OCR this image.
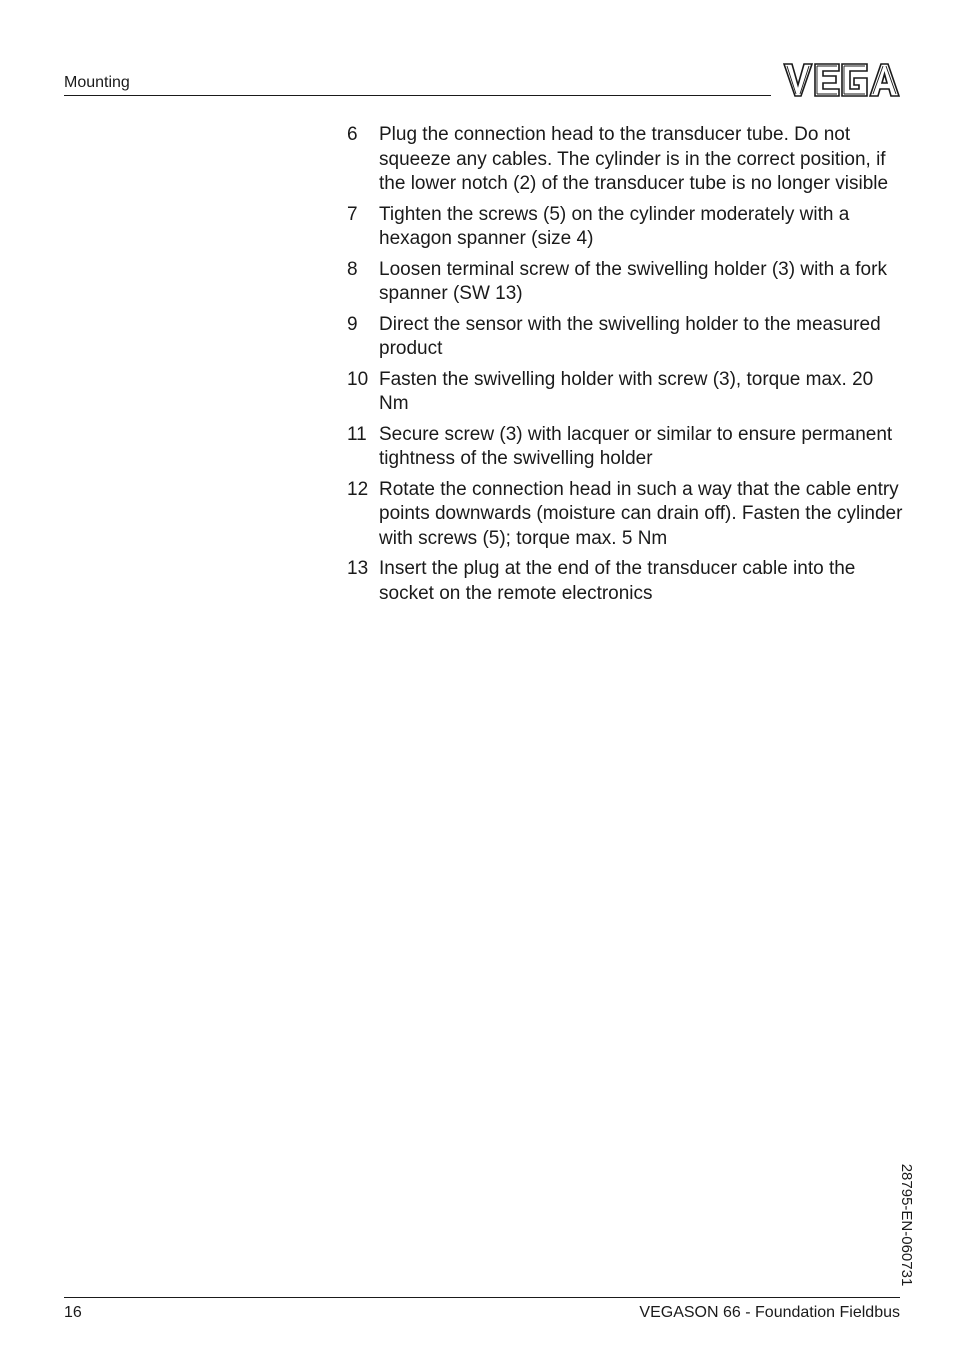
Mounting
6	Plug the connection head to the transducer tube. Do not squeeze any cables. The cylinder is in the correct position, if the lower notch (2) of the transducer tube is no longer visible
7	Tighten the screws (5) on the cylinder moderately with a hexagon spanner (size 4)
8	Loosen terminal screw of the swivelling holder (3) with a fork spanner (SW 13)
9	Direct the sensor with the swivelling holder to the measured product
10 Fasten the swivelling holder with screw (3), torque max. 20 Nm
11 Secure screw (3) with lacquer or similar to ensure permanent tightness of the swivelling holder
12 Rotate the connection head in such a way that the cable entry points downwards (moisture can drain off). Fasten the cylinder with screws (5); torque max. 5 Nm
13 Insert the plug at the end of the transducer cable into the socket on the remote electronics
28795-EN-060731
16	VEGASON 66 - Foundation Fieldbus
